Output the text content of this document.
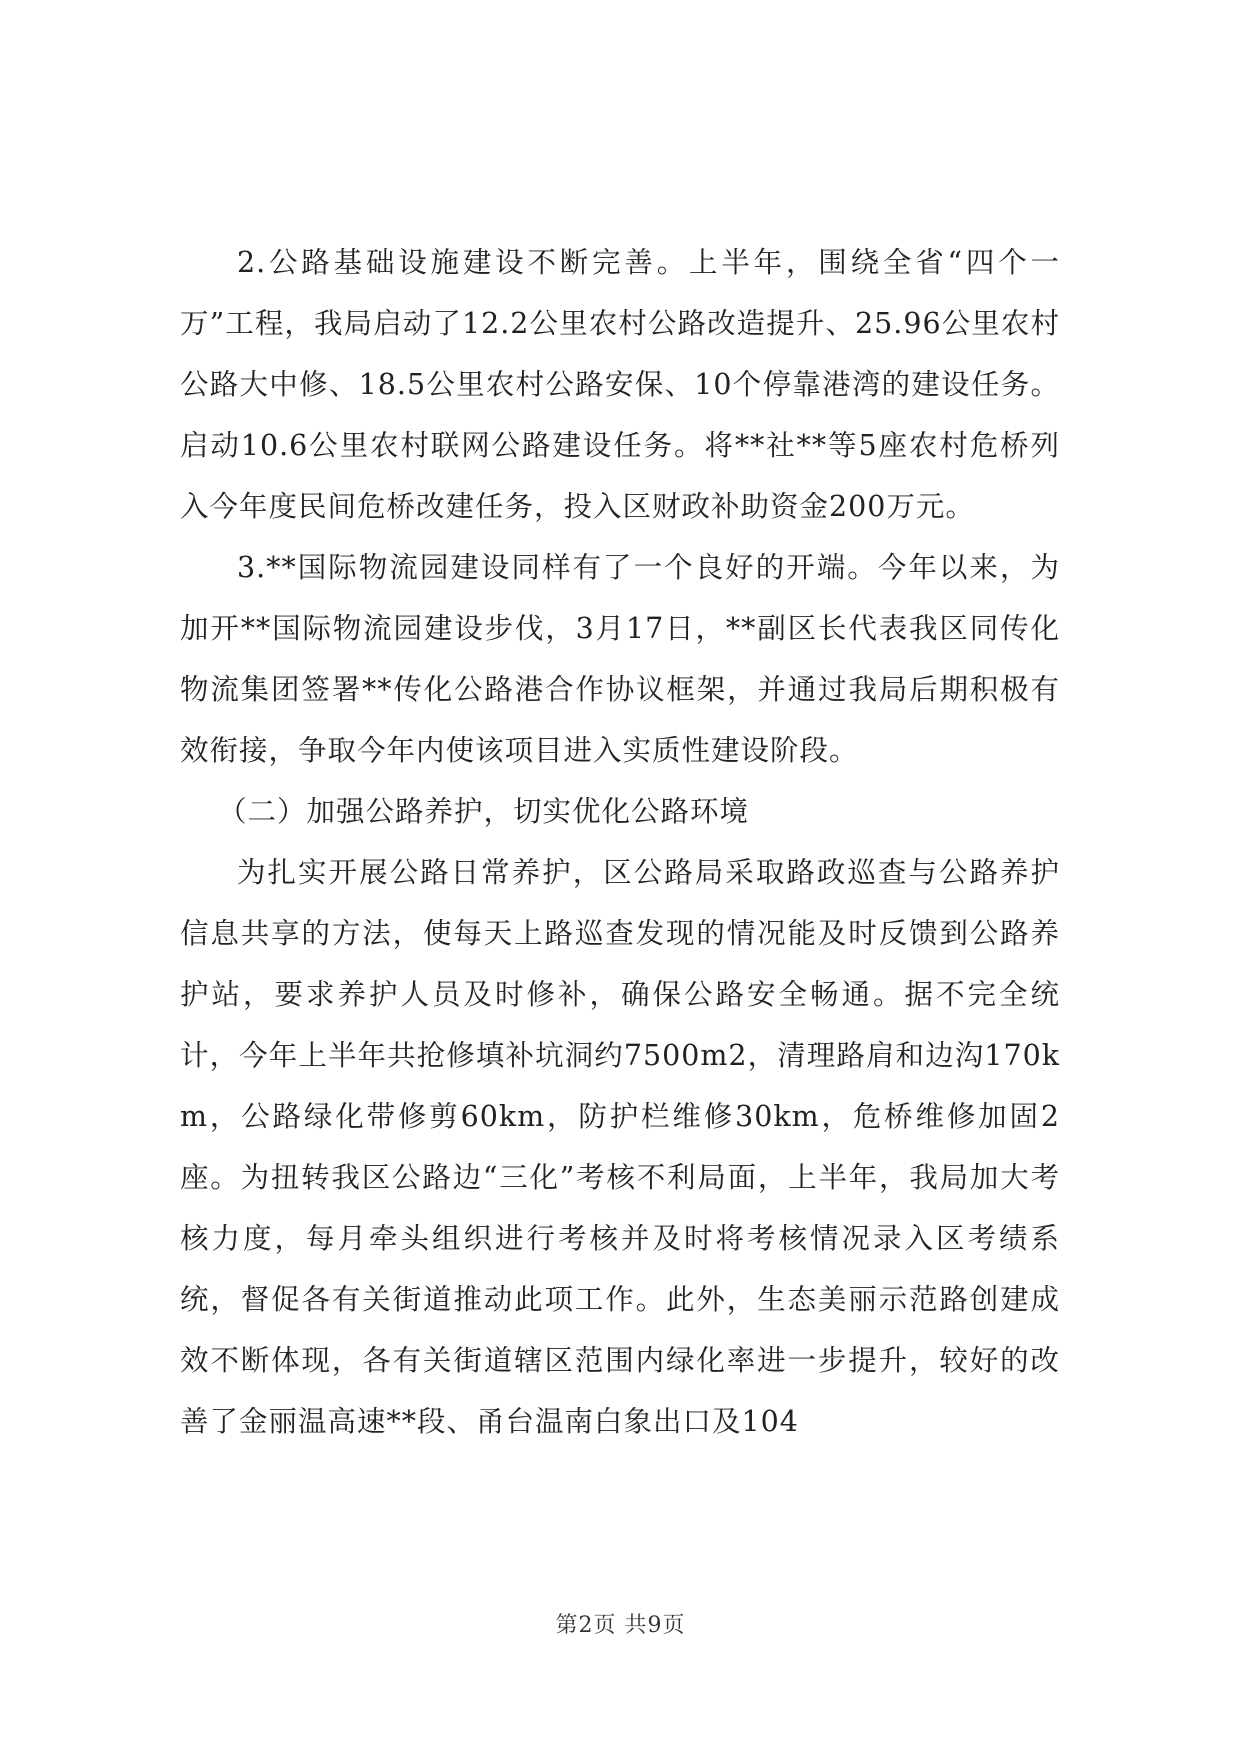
2.公路基础设施建设不断完善。上半年，围绕全省“四个一万”工程，我局启动了12.2公里农村公路改造提升、25.96公里农村公路大中修、18.5公里农村公路安保、10个停靠港湾的建设任务。启动10.6公里农村联网公路建设任务。将**社**等5座农村危桥列入今年度民间危桥改建任务，投入区财政补助资金200万元。

3.**国际物流园建设同样有了一个良好的开端。今年以来，为加开**国际物流园建设步伐，3月17日，**副区长代表我区同传化物流集团签署**传化公路港合作协议框架，并通过我局后期积极有效衔接，争取今年内使该项目进入实质性建设阶段。

（二）加强公路养护，切实优化公路环境

为扎实开展公路日常养护，区公路局采取路政巡查与公路养护信息共享的方法，使每天上路巡查发现的情况能及时反馈到公路养护站，要求养护人员及时修补，确保公路安全畅通。据不完全统计，今年上半年共抢修填补坑洞约7500m2，清理路肩和边沟170km，公路绿化带修剪60km，防护栏维修30km，危桥维修加固2座。为扭转我区公路边“三化”考核不利局面，上半年，我局加大考核力度，每月牵头组织进行考核并及时将考核情况录入区考绩系统，督促各有关街道推动此项工作。此外，生态美丽示范路创建成效不断体现，各有关街道辖区范围内绿化率进一步提升，较好的改善了金丽温高速**段、甬台温南白象出口及104

第2页 共9页
